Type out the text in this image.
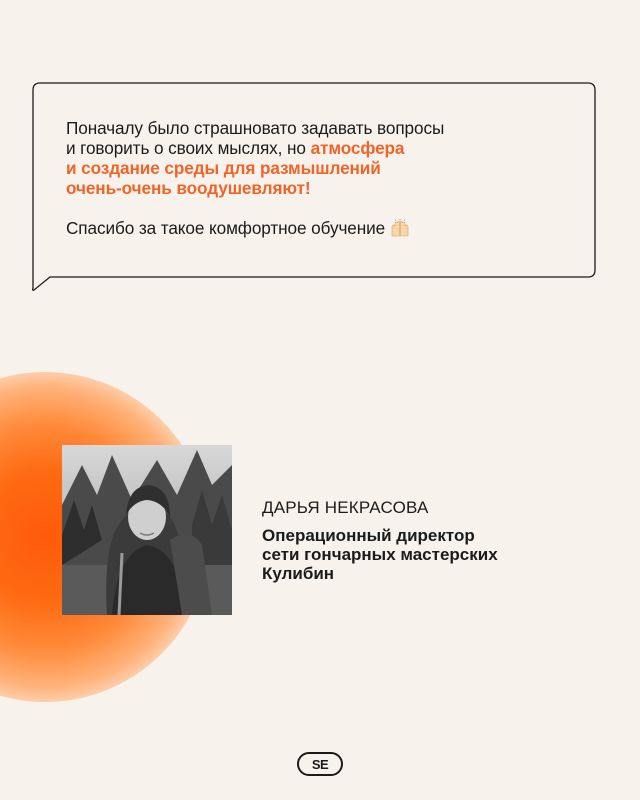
Поначалу было страшновато задавать вопросы

и говорить о своих мыслях, но атмосфера

и создание среды для размышлений

очень-очень воодушевляют!

Спасибо за такое комфортное обучение

ДАРЬЯ НЕКРАСОВА
Операционный директор
сети гончарных мастерских
Кулибин
SE
